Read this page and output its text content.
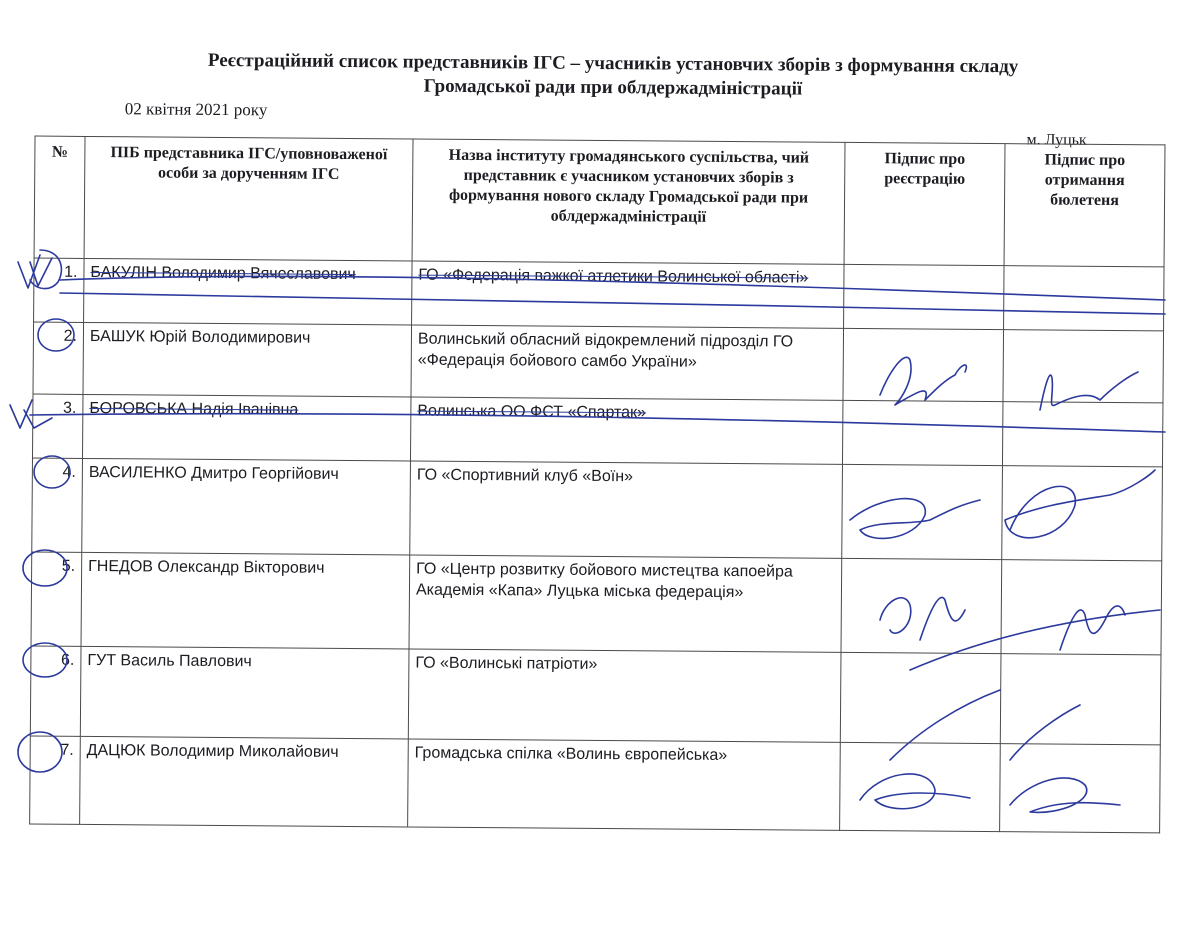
Реєстраційний список представників ІГС – учасників установчих зборів з формування складу
Громадської ради при облдержадміністрації
02 квітня 2021 року
м. Луцьк
№	ПІБ представника ІГС/уповноваженої особи за дорученням ІГС	Назва інституту громадянського суспільства, чий представник є учасником установчих зборів з формування нового складу Громадської ради при облдержадміністрації	Підпис про реєстрацію	Підпис про отримання бюлетеня
1.	БАКУЛІН Володимир Вячеславович	ГО «Федерація важкої атлетики Волинської області»		
2.	БАШУК Юрій Володимирович	Волинський обласний відокремлений підрозділ ГО «Федерація бойового самбо України»		
3.	БОРОВСЬКА Надія Іванівна	Волинська ОО ФСТ «Спартак»		
4.	ВАСИЛЕНКО Дмитро Георгійович	ГО «Спортивний клуб «Воїн»		
5.	ГНЕДОВ Олександр Вікторович	ГО «Центр розвитку бойового мистецтва капоейра Академія «Капа» Луцька міська федерація»		
6.	ГУТ Василь Павлович	ГО «Волинські патріоти»		
7.	ДАЦЮК Володимир Миколайович	Громадська спілка «Волинь європейська»		
